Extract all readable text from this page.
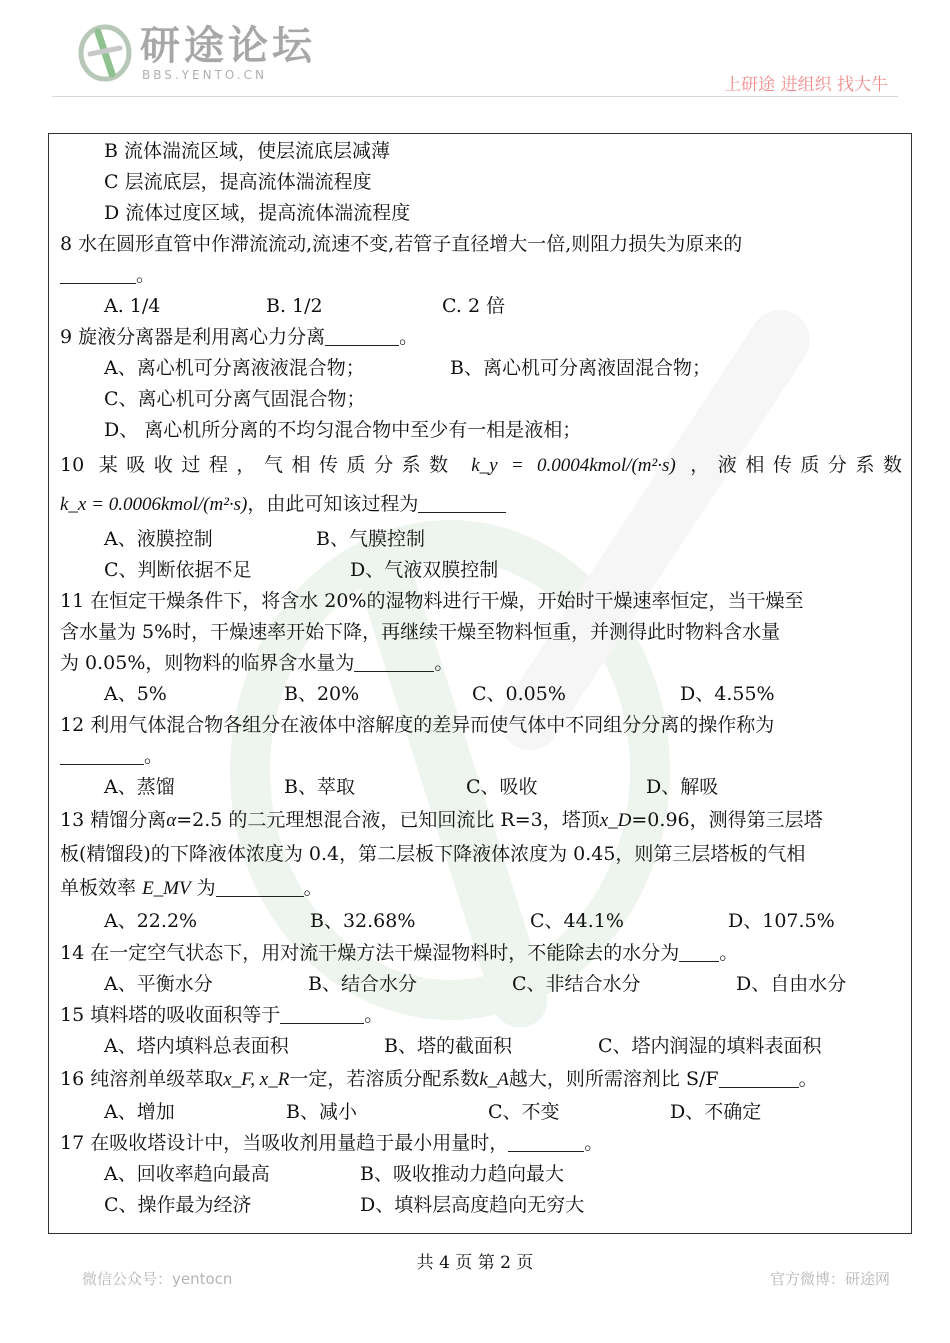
研途论坛
BBS.YENTO.CN	上研途 进组织 找大牛
B 流体湍流区域，使层流底层减薄
C 层流底层，提高流体湍流程度
D 流体过度区域，提高流体湍流程度
8 水在圆形直管中作滞流流动,流速不变,若管子直径增大一倍,则阻力损失为原来的
。
A. 1/4	B. 1/2	C. 2 倍
9 旋液分离器是利用离心力分离	。
A、离心机可分离液液混合物；	B、离心机可分离液固混合物；
C、离心机可分离气固混合物；
D、 离心机所分离的不均匀混合物中至少有一相是液相；
10 某吸收过程，气相传质分系数 k_y = 0.0004kmol/(m²·s) ，液相传质分系数
k_x = 0.0006kmol/(m²·s)，由此可知该过程为
A、液膜控制	B、气膜控制
C、判断依据不足	D、气液双膜控制
11 在恒定干燥条件下，将含水 20%的湿物料进行干燥，开始时干燥速率恒定，当干燥至
含水量为 5%时，干燥速率开始下降，再继续干燥至物料恒重，并测得此时物料含水量
为 0.05%，则物料的临界含水量为	。
A、5%	B、20%	C、0.05%	D、4.55%
12 利用气体混合物各组分在液体中溶解度的差异而使气体中不同组分分离的操作称为
。
A、蒸馏	B、萃取	C、吸收	D、解吸
13 精馏分离α=2.5 的二元理想混合液，已知回流比 R=3，塔顶x_D=0.96，测得第三层塔
板(精馏段)的下降液体浓度为 0.4，第二层板下降液体浓度为 0.45，则第三层塔板的气相
单板效率 E_MV 为	。
A、22.2%	B、32.68%	C、44.1%	D、107.5%
14 在一定空气状态下，用对流干燥方法干燥湿物料时，不能除去的水分为 。
A、平衡水分	B、结合水分	C、非结合水分	D、自由水分
15 填料塔的吸收面积等于	。
A、塔内填料总表面积	B、塔的截面积	C、塔内润湿的填料表面积
16 纯溶剂单级萃取x_F, x_R一定，若溶质分配系数k_A越大，则所需溶剂比 S/F	。
A、增加	B、减小	C、不变	D、不确定
17 在吸收塔设计中，当吸收剂用量趋于最小用量时，	。
A、回收率趋向最高	B、吸收推动力趋向最大
C、操作最为经济	D、填料层高度趋向无穷大
共 4 页 第 2 页
微信公众号：yentocn	官方微博：研途网
